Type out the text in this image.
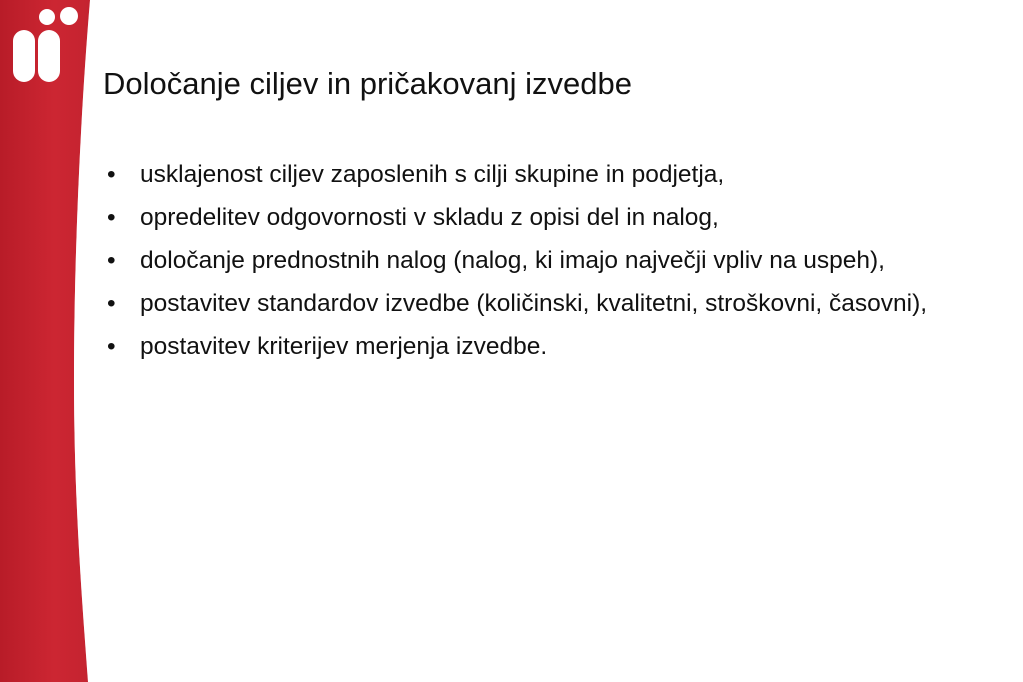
Določanje ciljev in pričakovanj izvedbe
• usklajenost ciljev zaposlenih s cilji skupine in podjetja,
• opredelitev odgovornosti v skladu z opisi del in nalog,
• določanje prednostnih nalog (nalog, ki imajo največji vpliv na uspeh),
• postavitev standardov izvedbe (količinski, kvalitetni, stroškovni, časovni),
• postavitev kriterijev merjenja izvedbe.
